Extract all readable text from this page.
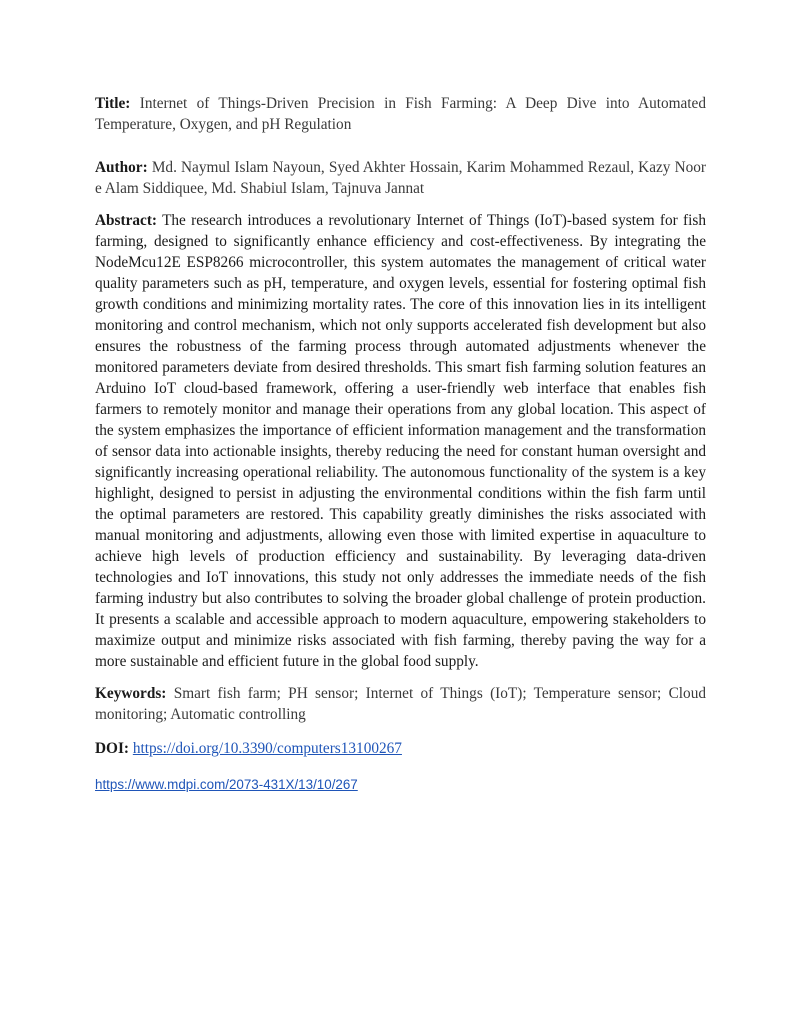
Title: Internet of Things-Driven Precision in Fish Farming: A Deep Dive into Automated Temperature, Oxygen, and pH Regulation

Author: Md. Naymul Islam Nayoun, Syed Akhter Hossain, Karim Mohammed Rezaul, Kazy Noor e Alam Siddiquee, Md. Shabiul Islam, Tajnuva Jannat

Abstract: The research introduces a revolutionary Internet of Things (IoT)-based system for fish farming, designed to significantly enhance efficiency and cost-effectiveness. By integrating the NodeMcu12E ESP8266 microcontroller, this system automates the management of critical water quality parameters such as pH, temperature, and oxygen levels, essential for fostering optimal fish growth conditions and minimizing mortality rates. The core of this innovation lies in its intelligent monitoring and control mechanism, which not only supports accelerated fish development but also ensures the robustness of the farming process through automated adjustments whenever the monitored parameters deviate from desired thresholds. This smart fish farming solution features an Arduino IoT cloud-based framework, offering a user-friendly web interface that enables fish farmers to remotely monitor and manage their operations from any global location. This aspect of the system emphasizes the importance of efficient information management and the transformation of sensor data into actionable insights, thereby reducing the need for constant human oversight and significantly increasing operational reliability. The autonomous functionality of the system is a key highlight, designed to persist in adjusting the environmental conditions within the fish farm until the optimal parameters are restored. This capability greatly diminishes the risks associated with manual monitoring and adjustments, allowing even those with limited expertise in aquaculture to achieve high levels of production efficiency and sustainability. By leveraging data-driven technologies and IoT innovations, this study not only addresses the immediate needs of the fish farming industry but also contributes to solving the broader global challenge of protein production. It presents a scalable and accessible approach to modern aquaculture, empowering stakeholders to maximize output and minimize risks associated with fish farming, thereby paving the way for a more sustainable and efficient future in the global food supply.

Keywords: Smart fish farm; PH sensor; Internet of Things (IoT); Temperature sensor; Cloud monitoring; Automatic controlling

DOI: https://doi.org/10.3390/computers13100267

https://www.mdpi.com/2073-431X/13/10/267
